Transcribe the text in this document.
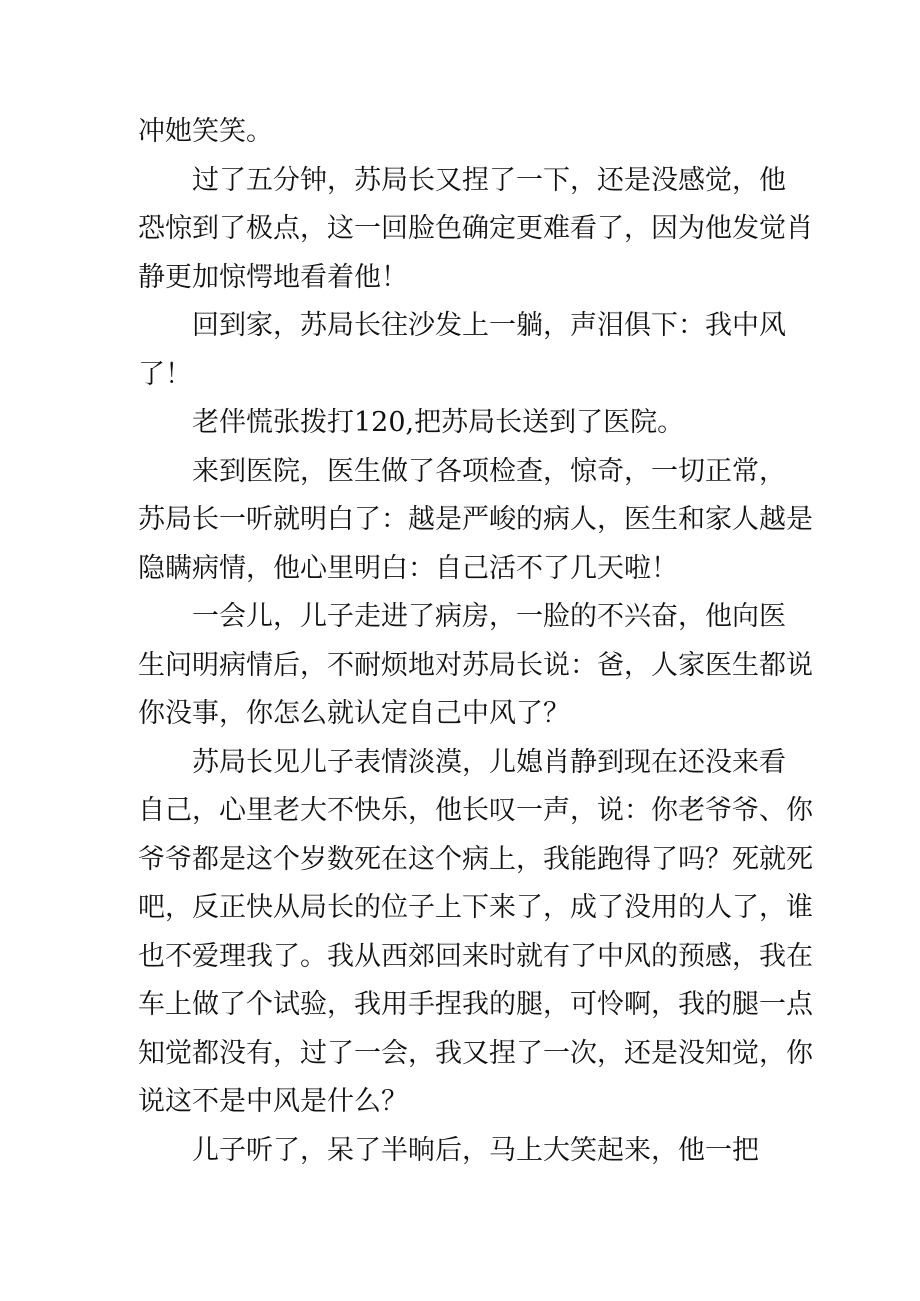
冲她笑笑。

过了五分钟，苏局长又捏了一下，还是没感觉，他
恐惊到了极点，这一回脸色确定更难看了，因为他发觉肖
静更加惊愕地看着他！

回到家，苏局长往沙发上一躺，声泪俱下：我中风
了！

老伴慌张拨打120,把苏局长送到了医院。

来到医院，医生做了各项检查，惊奇，一切正常，
苏局长一听就明白了：越是严峻的病人，医生和家人越是
隐瞒病情，他心里明白：自己活不了几天啦！

一会儿，儿子走进了病房，一脸的不兴奋，他向医
生问明病情后，不耐烦地对苏局长说：爸，人家医生都说
你没事，你怎么就认定自己中风了？

苏局长见儿子表情淡漠，儿媳肖静到现在还没来看
自己，心里老大不快乐，他长叹一声，说：你老爷爷、你
爷爷都是这个岁数死在这个病上，我能跑得了吗？死就死
吧，反正快从局长的位子上下来了，成了没用的人了，谁
也不爱理我了。我从西郊回来时就有了中风的预感，我在
车上做了个试验，我用手捏我的腿，可怜啊，我的腿一点
知觉都没有，过了一会，我又捏了一次，还是没知觉，你
说这不是中风是什么？

儿子听了，呆了半晌后，马上大笑起来，他一把
